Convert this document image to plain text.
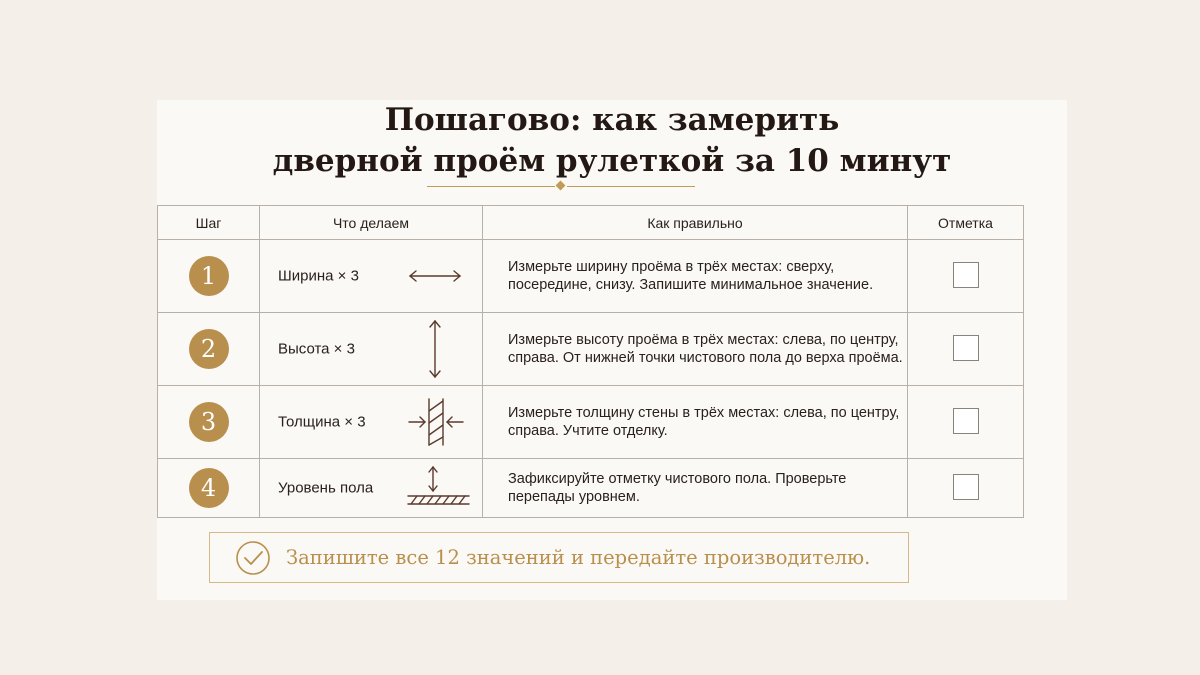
Пошагово: как замерить
дверной проём рулеткой за 10 минут
Шаг	Что делаем	Как правильно	Отметка
1	Ширина × 3	Измерьте ширину проёма в трёх местах: сверху, посередине, снизу. Запишите минимальное значение.	

2	Высота × 3	Измерьте высоту проёма в трёх местах: слева, по центру, справа. От нижней точки чистового пола до верха проёма.	

3	Толщина × 3	Измерьте толщину стены в трёх местах: слева, по центру, справа. Учтите отделку.	

4	Уровень пола	Зафиксируйте отметку чистового пола. Проверьте перепады уровнем.	

Запишите все 12 значений и передайте производителю.
